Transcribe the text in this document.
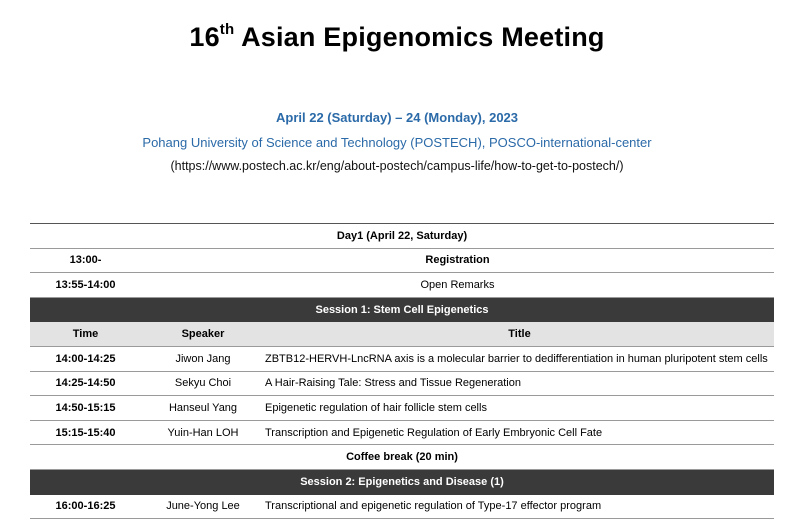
16th Asian Epigenomics Meeting
April 22 (Saturday) – 24 (Monday), 2023
Pohang University of Science and Technology (POSTECH), POSCO-international-center
(https://www.postech.ac.kr/eng/about-postech/campus-life/how-to-get-to-postech/)
Day1 (April 22, Saturday)		
13:00-	Registration	
13:55-14:00	Open Remarks	
Session 1: Stem Cell Epigenetics		
Time	Speaker	Title
14:00-14:25	Jiwon Jang	ZBTB12-HERVH-LncRNA axis is a molecular barrier to dedifferentiation in human pluripotent stem cells
14:25-14:50	Sekyu Choi	A Hair-Raising Tale: Stress and Tissue Regeneration
14:50-15:15	Hanseul Yang	Epigenetic regulation of hair follicle stem cells
15:15-15:40	Yuin-Han LOH	Transcription and Epigenetic Regulation of Early Embryonic Cell Fate
Coffee break (20 min)		
Session 2: Epigenetics and Disease (1)		
16:00-16:25	June-Yong Lee	Transcriptional and epigenetic regulation of Type-17 effector program
